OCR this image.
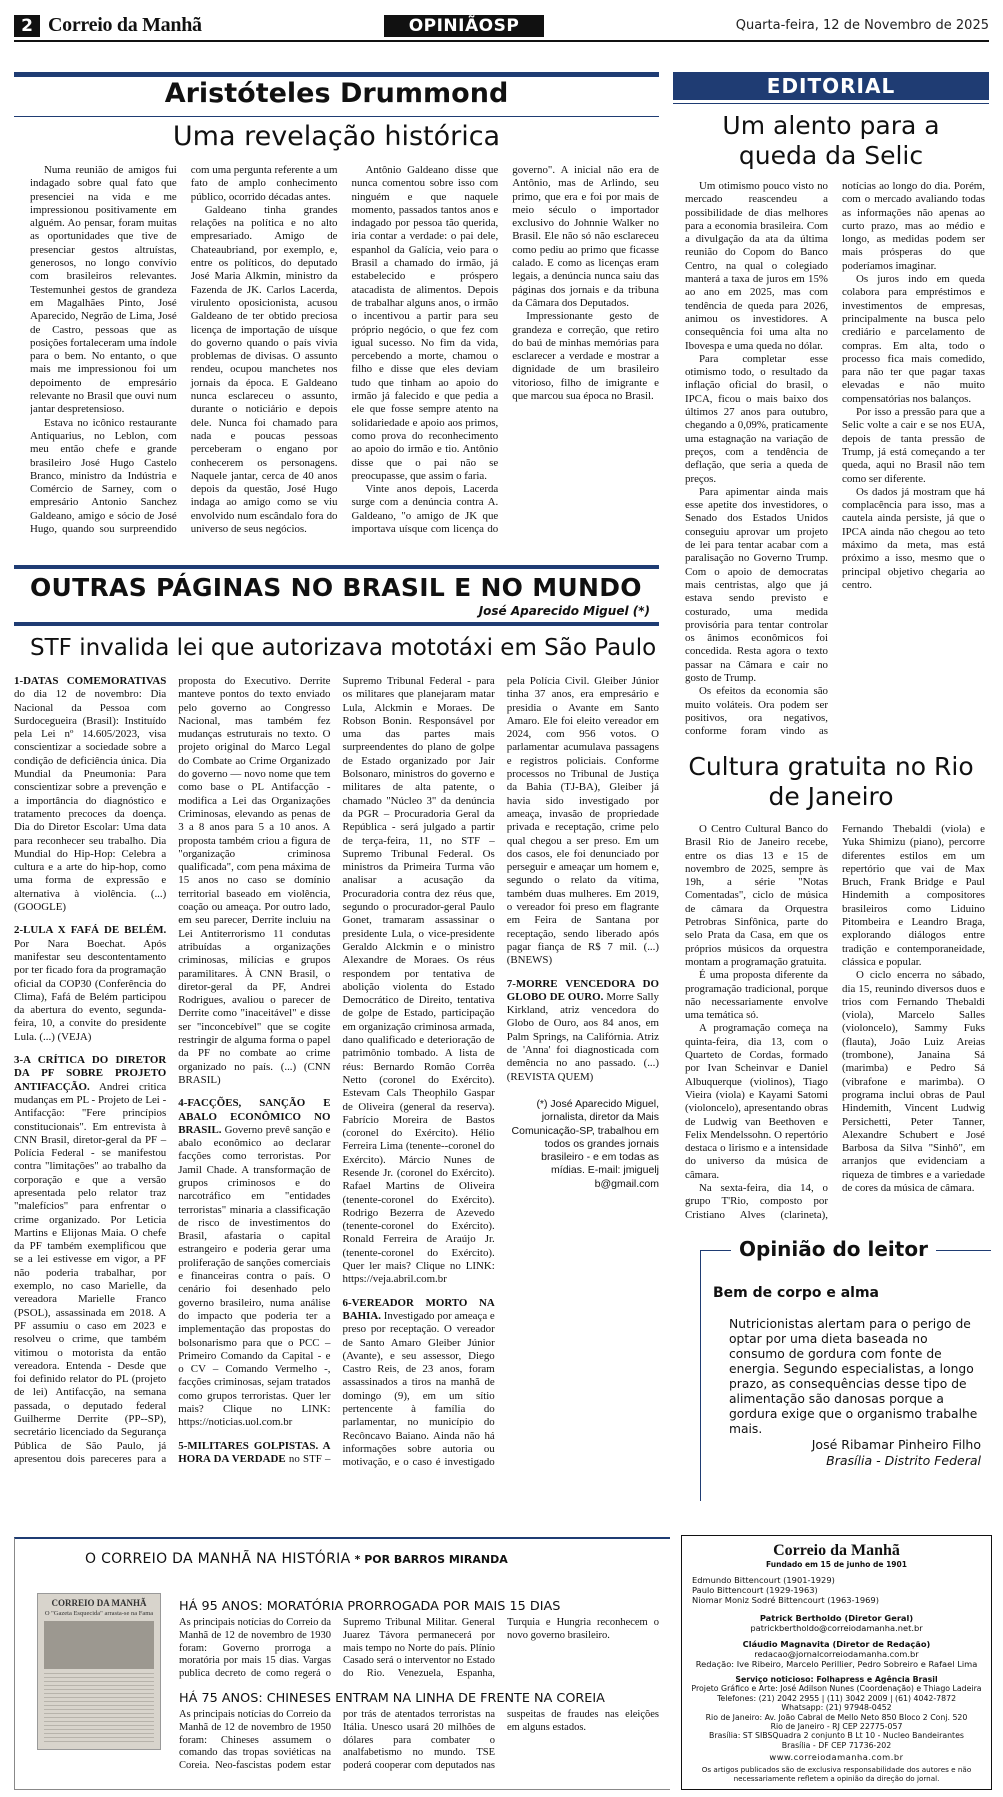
2 Correio da Manhã	OPINIÃOSP	Quarta-feira, 12 de Novembro de 2025
Aristóteles Drummond
Uma revelação histórica

Numa reunião de amigos fui indagado sobre qual fato que presenciei na vida e me impressionou positivamente em alguém. Ao pensar, foram muitas as oportunidades que tive de presenciar gestos altruístas, generosos, no longo convívio com brasileiros relevantes. Testemunhei gestos de grandeza em Magalhães Pinto, José Aparecido, Negrão de Lima, José de Castro, pessoas que as posições fortaleceram uma índole para o bem. No entanto, o que mais me impressionou foi um depoimento de empresário relevante no Brasil que ouvi num jantar despretensioso.

Estava no icônico restaurante Antiquarius, no Leblon, com meu então chefe e grande brasileiro José Hugo Castelo Branco, ministro da Indústria e Comércio de Sarney, com o empresário Antonio Sanchez Galdeano, amigo e sócio de José Hugo, quando sou surpreendido com uma pergunta referente a um fato de amplo conhecimento público, ocorrido décadas antes.

Galdeano tinha grandes relações na política e no alto empresariado. Amigo de Chateaubriand, por exemplo, e, entre os políticos, do deputado José Maria Alkmin, ministro da Fazenda de JK. Carlos Lacerda, virulento oposicionista, acusou Galdeano de ter obtido preciosa licença de importação de uísque do governo quando o país vivia problemas de divisas. O assunto rendeu, ocupou manchetes nos jornais da época. E Galdeano nunca esclareceu o assunto, durante o noticiário e depois dele. Nunca foi chamado para nada e poucas pessoas perceberam o engano por conhecerem os personagens. Naquele jantar, cerca de 40 anos depois da questão, José Hugo indaga ao amigo como se viu envolvido num escândalo fora do universo de seus negócios.

Antônio Galdeano disse que nunca comentou sobre isso com ninguém e que naquele momento, passados tantos anos e indagado por pessoa tão querida, iria contar a verdade: o pai dele, espanhol da Galícia, veio para o Brasil a chamado do irmão, já estabelecido e próspero atacadista de alimentos. Depois de trabalhar alguns anos, o irmão o incentivou a partir para seu próprio negócio, o que fez com igual sucesso. No fim da vida, percebendo a morte, chamou o filho e disse que eles deviam tudo que tinham ao apoio do irmão já falecido e que pedia a ele que fosse sempre atento na solidariedade e apoio aos primos, como prova do reconhecimento ao apoio do irmão e tio. Antônio disse que o pai não se preocupasse, que assim o faria.

Vinte anos depois, Lacerda surge com a denúncia contra A. Galdeano, "o amigo de JK que importava uísque com licença do governo". A inicial não era de Antônio, mas de Arlindo, seu primo, que era e foi por mais de meio século o importador exclusivo do Johnnie Walker no Brasil. Ele não só não esclareceu como pediu ao primo que ficasse calado. E como as licenças eram legais, a denúncia nunca saiu das páginas dos jornais e da tribuna da Câmara dos Deputados.

Impressionante gesto de grandeza e correção, que retiro do baú de minhas memórias para esclarecer a verdade e mostrar a dignidade de um brasileiro vitorioso, filho de imigrante e que marcou sua época no Brasil.

OUTRAS PÁGINAS NO BRASIL E NO MUNDO
José Aparecido Miguel (*)
STF invalida lei que autorizava mototáxi em São Paulo

1-DATAS COMEMORATIVAS do dia 12 de novembro: Dia Nacional da Pessoa com Surdocegueira (Brasil): Instituído pela Lei nº 14.605/2023, visa conscientizar a sociedade sobre a condição de deficiência única. Dia Mundial da Pneumonia: Para conscientizar sobre a prevenção e a importância do diagnóstico e tratamento precoces da doença. Dia do Diretor Escolar: Uma data para reconhecer seu trabalho. Dia Mundial do Hip-Hop: Celebra a cultura e a arte do hip-hop, como uma forma de expressão e alternativa à violência. (...) (GOOGLE)

2-LULA X FAFÁ DE BELÉM. Por Nara Boechat. Após manifestar seu descontentamento por ter ficado fora da programação oficial da COP30 (Conferência do Clima), Fafá de Belém participou da abertura do evento, segunda-feira, 10, a convite do presidente Lula. (...) (VEJA)

3-A CRÍTICA DO DIRETOR DA PF SOBRE PROJETO ANTIFACÇÃO. Andrei critica mudanças em PL - Projeto de Lei - Antifacção: "Fere princípios constitucionais". Em entrevista à CNN Brasil, diretor-geral da PF – Polícia Federal - se manifestou contra "limitações" ao trabalho da corporação e que a versão apresentada pelo relator traz "malefícios" para enfrentar o crime organizado. Por Leticia Martins e Elijonas Maia. O chefe da PF também exemplificou que se a lei estivesse em vigor, a PF não poderia trabalhar, por exemplo, no caso Marielle, da vereadora Marielle Franco (PSOL), assassinada em 2018. A PF assumiu o caso em 2023 e resolveu o crime, que também vitimou o motorista da então vereadora. Entenda - Desde que foi definido relator do PL (projeto de lei) Antifacção, na semana passada, o deputado federal Guilherme Derrite (PP--SP), secretário licenciado da Segurança Pública de São Paulo, já apresentou dois pareceres para a proposta do Executivo. Derrite manteve pontos do texto enviado pelo governo ao Congresso Nacional, mas também fez mudanças estruturais no texto. O projeto original do Marco Legal do Combate ao Crime Organizado do governo — novo nome que tem como base o PL Antifacção - modifica a Lei das Organizações Criminosas, elevando as penas de 3 a 8 anos para 5 a 10 anos. A proposta também criou a figura de "organização criminosa qualificada", com pena máxima de 15 anos no caso se domínio territorial baseado em violência, coação ou ameaça. Por outro lado, em seu parecer, Derrite incluiu na Lei Antiterrorismo 11 condutas atribuídas a organizações criminosas, milícias e grupos paramilitares. À CNN Brasil, o diretor-geral da PF, Andrei Rodrigues, avaliou o parecer de Derrite como "inaceitável" e disse ser "inconcebível" que se cogite restringir de alguma forma o papel da PF no combate ao crime organizado no país. (...) (CNN BRASIL)

4-FACÇÕES, SANÇÃO E ABALO ECONÔMICO NO BRASIL. Governo prevê sanção e abalo econômico ao declarar facções como terroristas. Por Jamil Chade. A transformação de grupos criminosos e do narcotráfico em "entidades terroristas" minaria a classificação de risco de investimentos do Brasil, afastaria o capital estrangeiro e poderia gerar uma proliferação de sanções comerciais e financeiras contra o país. O cenário foi desenhado pelo governo brasileiro, numa análise do impacto que poderia ter a implementação das propostas do bolsonarismo para que o PCC – Primeiro Comando da Capital - e o CV – Comando Vermelho -, facções criminosas, sejam tratados como grupos terroristas. Quer ler mais? Clique no LINK: https://noticias.uol.com.br

5-MILITARES GOLPISTAS. A HORA DA VERDADE no STF – Supremo Tribunal Federal - para os militares que planejaram matar Lula, Alckmin e Moraes. De Robson Bonin. Responsável por uma das partes mais surpreendentes do plano de golpe de Estado organizado por Jair Bolsonaro, ministros do governo e militares de alta patente, o chamado "Núcleo 3" da denúncia da PGR – Procuradoria Geral da República - será julgado a partir de terça-feira, 11, no STF – Supremo Tribunal Federal. Os ministros da Primeira Turma vão analisar a acusação da Procuradoria contra dez réus que, segundo o procurador-geral Paulo Gonet, tramaram assassinar o presidente Lula, o vice-presidente Geraldo Alckmin e o ministro Alexandre de Moraes. Os réus respondem por tentativa de abolição violenta do Estado Democrático de Direito, tentativa de golpe de Estado, participação em organização criminosa armada, dano qualificado e deterioração de patrimônio tombado. A lista de réus: Bernardo Romão Corrêa Netto (coronel do Exército). Estevam Cals Theophilo Gaspar de Oliveira (general da reserva). Fabrício Moreira de Bastos (coronel do Exército). Hélio Ferreira Lima (tenente--coronel do Exército). Márcio Nunes de Resende Jr. (coronel do Exército). Rafael Martins de Oliveira (tenente-coronel do Exército). Rodrigo Bezerra de Azevedo (tenente-coronel do Exército). Ronald Ferreira de Araújo Jr. (tenente-coronel do Exército). Quer ler mais? Clique no LINK: https://veja.abril.com.br

6-VEREADOR MORTO NA BAHIA. Investigado por ameaça e preso por receptação. O vereador de Santo Amaro Gleiber Júnior (Avante), e seu assessor, Diego Castro Reis, de 23 anos, foram assassinados a tiros na manhã de domingo (9), em um sítio pertencente à família do parlamentar, no município do Recôncavo Baiano. Ainda não há informações sobre autoria ou motivação, e o caso é investigado pela Polícia Civil. Gleiber Júnior tinha 37 anos, era empresário e presidia o Avante em Santo Amaro. Ele foi eleito vereador em 2024, com 956 votos. O parlamentar acumulava passagens e registros policiais. Conforme processos no Tribunal de Justiça da Bahia (TJ-BA), Gleiber já havia sido investigado por ameaça, invasão de propriedade privada e receptação, crime pelo qual chegou a ser preso. Em um dos casos, ele foi denunciado por perseguir e ameaçar um homem e, segundo o relato da vítima, também duas mulheres. Em 2019, o vereador foi preso em flagrante em Feira de Santana por receptação, sendo liberado após pagar fiança de R$ 7 mil. (...) (BNEWS)

7-MORRE VENCEDORA DO GLOBO DE OURO. Morre Sally Kirkland, atriz vencedora do Globo de Ouro, aos 84 anos, em Palm Springs, na Califórnia. Atriz de 'Anna' foi diagnosticada com demência no ano passado. (...) (REVISTA QUEM)

(*) José Aparecido Miguel, jornalista, diretor da Mais Comunicação-SP, trabalhou em todos os grandes jornais brasileiro - e em todas as mídias. E-mail: jmiguelj​b@gmail.com

EDITORIAL
Um alento para a queda da Selic

Um otimismo pouco visto no mercado reascendeu a possibilidade de dias melhores para a economia brasileira. Com a divulgação da ata da última reunião do Copom do Banco Centro, na qual o colegiado manterá a taxa de juros em 15% ao ano em 2025, mas com tendência de queda para 2026, animou os investidores. A consequência foi uma alta no Ibovespa e uma queda no dólar.

Para completar esse otimismo todo, o resultado da inflação oficial do brasil, o IPCA, ficou o mais baixo dos últimos 27 anos para outubro, chegando a 0,09%, praticamente uma estagnação na variação de preços, com a tendência de deflação, que seria a queda de preços.

Para apimentar ainda mais esse apetite dos investidores, o Senado dos Estados Unidos conseguiu aprovar um projeto de lei para tentar acabar com a paralisação no Governo Trump. Com o apoio de democratas mais centristas, algo que já estava sendo previsto e costurado, uma medida provisória para tentar controlar os ânimos econômicos foi concedida. Resta agora o texto passar na Câmara e cair no gosto de Trump.

Os efeitos da economia são muito voláteis. Ora podem ser positivos, ora negativos, conforme foram vindo as notícias ao longo do dia. Porém, com o mercado avaliando todas as informações não apenas ao curto prazo, mas ao médio e longo, as medidas podem ser mais prósperas do que poderíamos imaginar.

Os juros indo em queda colabora para empréstimos e investimentos de empresas, principalmente na busca pelo crediário e parcelamento de compras. Em alta, todo o processo fica mais comedido, para não ter que pagar taxas elevadas e não muito compensatórias nos balanços.

Por isso a pressão para que a Selic volte a cair e se nos EUA, depois de tanta pressão de Trump, já está começando a ter queda, aqui no Brasil não tem como ser diferente.

Os dados já mostram que há complacência para isso, mas a cautela ainda persiste, já que o IPCA ainda não chegou ao teto máximo da meta, mas está próximo a isso, mesmo que o principal objetivo chegaria ao centro.

Cultura gratuita no Rio de Janeiro

O Centro Cultural Banco do Brasil Rio de Janeiro recebe, entre os dias 13 e 15 de novembro de 2025, sempre às 19h, a série "Notas Comentadas", ciclo de música de câmara da Orquestra Petrobras Sinfônica, parte do selo Prata da Casa, em que os próprios músicos da orquestra montam a programação gratuita.

É uma proposta diferente da programação tradicional, porque não necessariamente envolve uma temática só.

A programação começa na quinta-feira, dia 13, com o Quarteto de Cordas, formado por Ivan Scheinvar e Daniel Albuquerque (violinos), Tiago Vieira (viola) e Kayami Satomi (violoncelo), apresentando obras de Ludwig van Beethoven e Felix Mendelssohn. O repertório destaca o lirismo e a intensidade do universo da música de câmara.

Na sexta-feira, dia 14, o grupo T'Rio, composto por Cristiano Alves (clarineta), Fernando Thebaldi (viola) e Yuka Shimizu (piano), percorre diferentes estilos em um repertório que vai de Max Bruch, Frank Bridge e Paul Hindemith a compositores brasileiros como Liduino Pitombeira e Leandro Braga, explorando diálogos entre tradição e contemporaneidade, clássica e popular.

O ciclo encerra no sábado, dia 15, reunindo diversos duos e trios com Fernando Thebaldi (viola), Marcelo Salles (violoncelo), Sammy Fuks (flauta), João Luiz Areias (trombone), Janaina Sá (marimba) e Pedro Sá (vibrafone e marimba). O programa inclui obras de Paul Hindemith, Vincent Ludwig Persichetti, Peter Tanner, Alexandre Schubert e José Barbosa da Silva "Sinhô", em arranjos que evidenciam a riqueza de timbres e a variedade de cores da música de câmara.

Opinião do leitor
Bem de corpo e alma
Nutricionistas alertam para o perigo de optar por uma dieta baseada no consumo de gordura com fonte de energia. Segundo especialistas, a longo prazo, as consequências desse tipo de alimentação são danosas porque a gordura exige que o organismo trabalhe mais.
José Ribamar Pinheiro Filho
Brasília - Distrito Federal
O CORREIO DA MANHÃ NA HISTÓRIA * POR BARROS MIRANDA
CORREIO DA MANHÃ
O "Gazeta Esquecida" arrasta-se na Fama HÁ 95 ANOS: MORATÓRIA PRORROGADA POR MAIS 15 DIAS
As principais notícias do Correio da Manhã de 12 de novembro de 1930 foram: Governo prorroga a moratória por mais 15 dias. Vargas publica decreto de como regerá o Supremo Tribunal Militar. General Juarez Távora permanecerá por mais tempo no Norte do país. Plínio Casado será o interventor no Estado do Rio. Venezuela, Espanha, Turquia e Hungria reconhecem o novo governo brasileiro.
HÁ 75 ANOS: CHINESES ENTRAM NA LINHA DE FRENTE NA COREIA
As principais notícias do Correio da Manhã de 12 de novembro de 1950 foram: Chineses assumem o comando das tropas soviéticas na Coreia. Neo-fascistas podem estar por trás de atentados terroristas na Itália. Unesco usará 20 milhões de dólares para combater o analfabetismo no mundo. TSE poderá cooperar com deputados nas suspeitas de fraudes nas eleições em alguns estados.
Correio da Manhã
Fundado em 15 de junho de 1901
Edmundo Bittencourt (1901-1929)
Paulo Bittencourt (1929-1963)
Niomar Moniz Sodré Bittencourt (1963-1969)
Patrick Bertholdo (Diretor Geral)
patrickbertholdo@correiodamanha.net.br
Cláudio Magnavita (Diretor de Redação)
redacao@jornalcorreiodamanha.com.br
Redação: Ive Ribeiro, Marcelo Perillier, Pedro Sobreiro e Rafael Lima
Serviço noticioso: Folhapress e Agência Brasil
Projeto Gráfico e Arte: José Adilson Nunes (Coordenação) e Thiago Ladeira
Telefones: (21) 2042 2955 | (11) 3042 2009 | (61) 4042-7872
Whatsapp: (21) 97948-0452
Rio de Janeiro: Av. João Cabral de Mello Neto 850 Bloco 2 Conj. 520
Rio de Janeiro - RJ CEP 22775-057
Brasília: ST SIBSQuadra 2 conjunto B Lt 10 - Nucleo Bandeirantes
Brasília - DF CEP 71736-202
www.correiodamanha.com.br
Os artigos publicados são de exclusiva responsabilidade dos autores e não necessariamente refletem a opinião da direção do jornal.
